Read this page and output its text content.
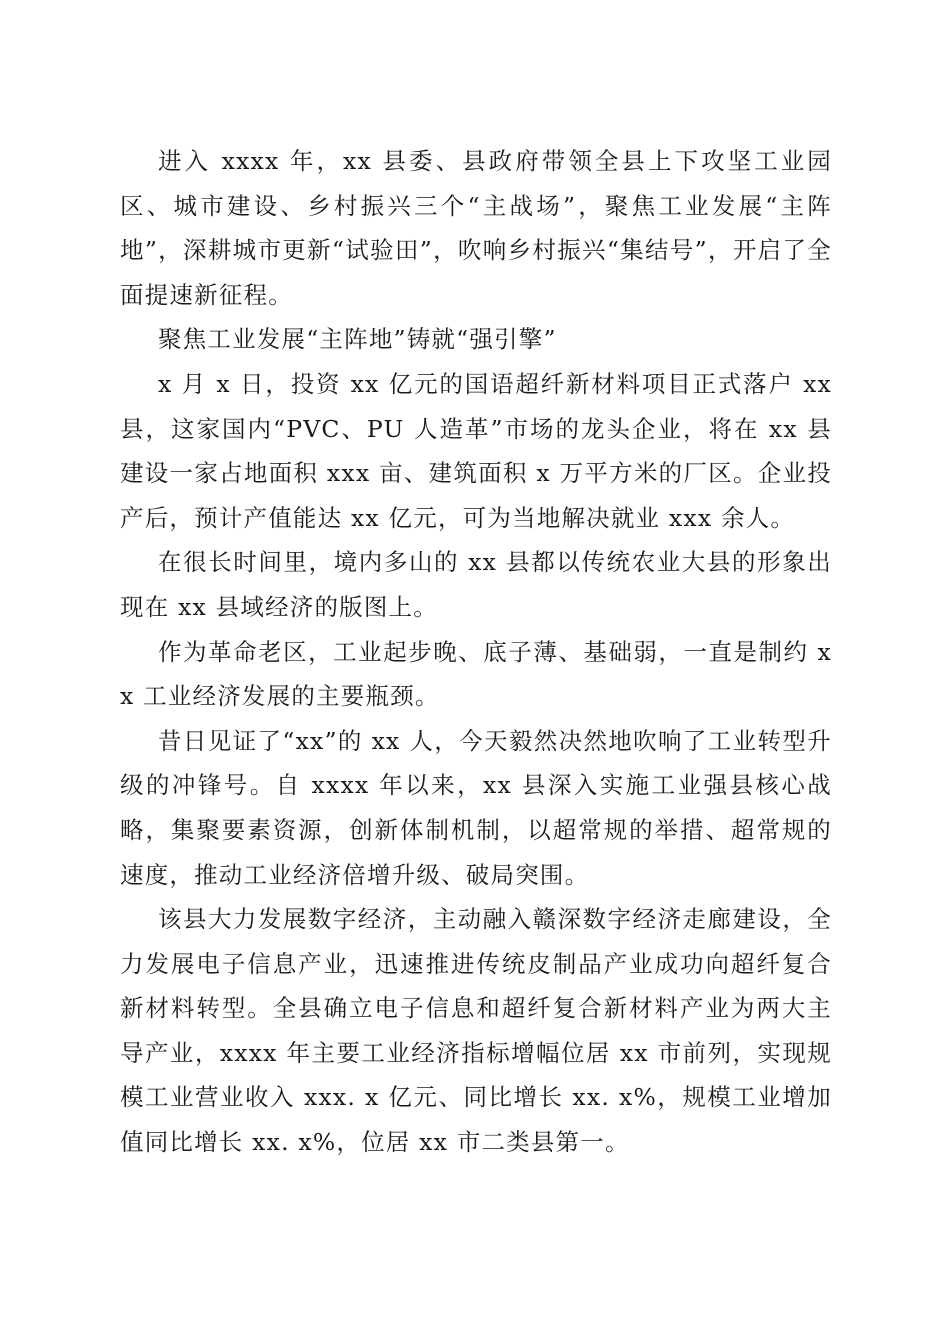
进入 xxxx 年，xx 县委、县政府带领全县上下攻坚工业园区、城市建设、乡村振兴三个“主战场”，聚焦工业发展“主阵地”，深耕城市更新“试验田”，吹响乡村振兴“集结号”，开启了全面提速新征程。

聚焦工业发展“主阵地”铸就“强引擎”

x 月 x 日，投资 xx 亿元的国语超纤新材料项目正式落户 xx 县，这家国内“PVC、PU 人造革”市场的龙头企业，将在 xx 县建设一家占地面积 xxx 亩、建筑面积 x 万平方米的厂区。企业投产后，预计产值能达 xx 亿元，可为当地解决就业 xxx 余人。

在很长时间里，境内多山的 xx 县都以传统农业大县的形象出现在 xx 县域经济的版图上。

作为革命老区，工业起步晚、底子薄、基础弱，一直是制约 xx 工业经济发展的主要瓶颈。

昔日见证了“xx”的 xx 人，今天毅然决然地吹响了工业转型升级的冲锋号。自 xxxx 年以来，xx 县深入实施工业强县核心战略，集聚要素资源，创新体制机制，以超常规的举措、超常规的速度，推动工业经济倍增升级、破局突围。

该县大力发展数字经济，主动融入赣深数字经济走廊建设，全力发展电子信息产业，迅速推进传统皮制品产业成功向超纤复合新材料转型。全县确立电子信息和超纤复合新材料产业为两大主导产业，xxxx 年主要工业经济指标增幅位居 xx 市前列，实现规模工业营业收入 xxx. x 亿元、同比增长 xx. x%，规模工业增加值同比增长 xx. x%，位居 xx 市二类县第一。
